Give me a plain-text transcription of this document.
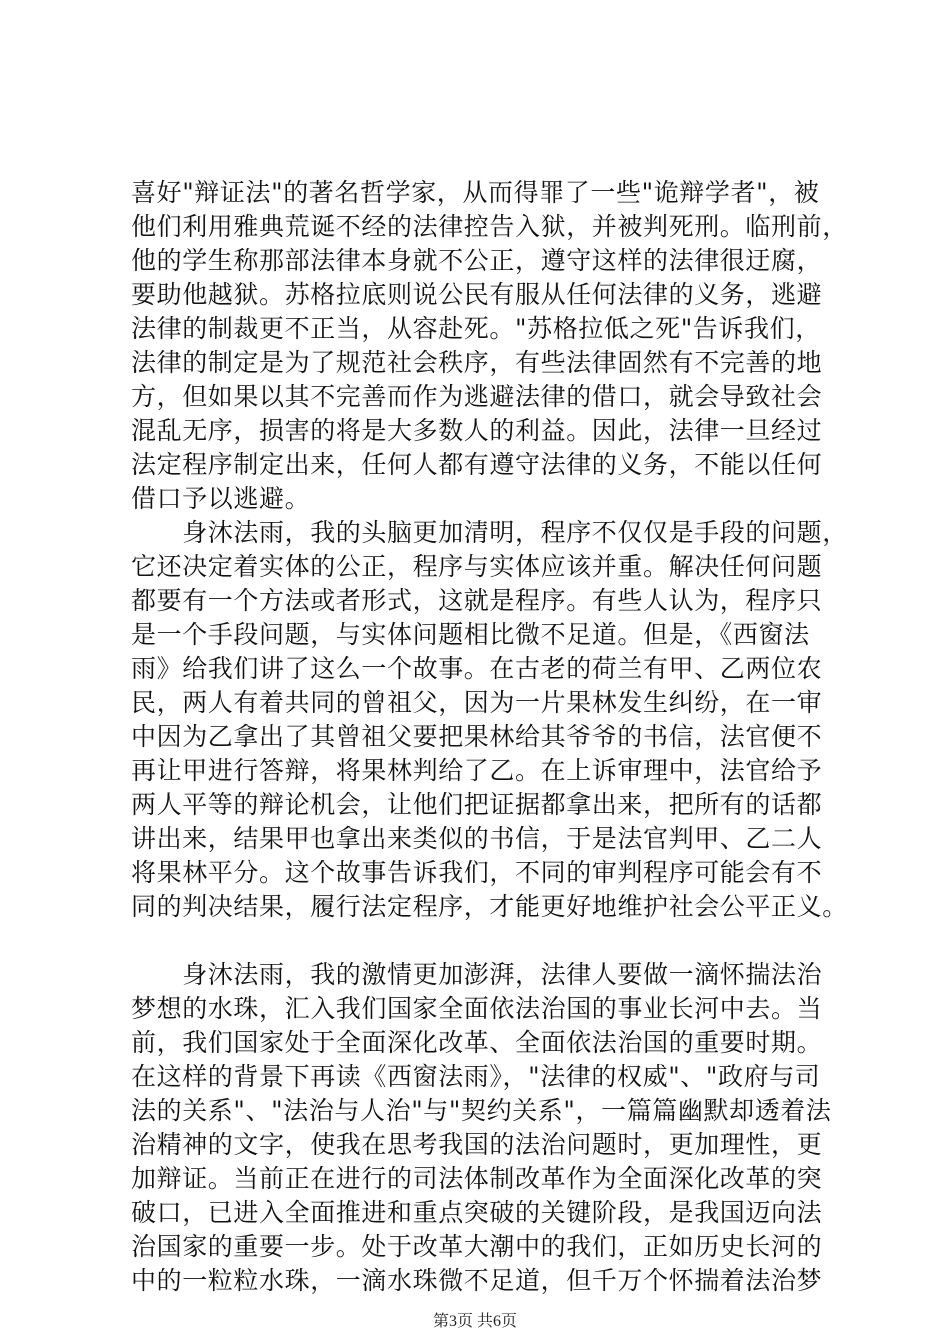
喜好"辩证法"的著名哲学家，从而得罪了一些"诡辩学者"，被
他们利用雅典荒诞不经的法律控告入狱，并被判死刑。临刑前，
他的学生称那部法律本身就不公正，遵守这样的法律很迂腐，
要助他越狱。苏格拉底则说公民有服从任何法律的义务，逃避
法律的制裁更不正当，从容赴死。"苏格拉低之死"告诉我们，
法律的制定是为了规范社会秩序，有些法律固然有不完善的地
方，但如果以其不完善而作为逃避法律的借口，就会导致社会
混乱无序，损害的将是大多数人的利益。因此，法律一旦经过
法定程序制定出来，任何人都有遵守法律的义务，不能以任何
借口予以逃避。
　　身沐法雨，我的头脑更加清明，程序不仅仅是手段的问题，
它还决定着实体的公正，程序与实体应该并重。解决任何问题
都要有一个方法或者形式，这就是程序。有些人认为，程序只
是一个手段问题，与实体问题相比微不足道。但是，《西窗法
雨》给我们讲了这么一个故事。在古老的荷兰有甲、乙两位农
民，两人有着共同的曾祖父，因为一片果林发生纠纷，在一审
中因为乙拿出了其曾祖父要把果林给其爷爷的书信，法官便不
再让甲进行答辩，将果林判给了乙。在上诉审理中，法官给予
两人平等的辩论机会，让他们把证据都拿出来，把所有的话都
讲出来，结果甲也拿出来类似的书信，于是法官判甲、乙二人
将果林平分。这个故事告诉我们，不同的审判程序可能会有不
同的判决结果，履行法定程序，才能更好地维护社会公平正义。
　　身沐法雨，我的激情更加澎湃，法律人要做一滴怀揣法治
梦想的水珠，汇入我们国家全面依法治国的事业长河中去。当
前，我们国家处于全面深化改革、全面依法治国的重要时期。
在这样的背景下再读《西窗法雨》，"法律的权威"、"政府与司
法的关系"、"法治与人治"与"契约关系"，一篇篇幽默却透着法
治精神的文字，使我在思考我国的法治问题时，更加理性，更
加辩证。当前正在进行的司法体制改革作为全面深化改革的突
破口，已进入全面推进和重点突破的关键阶段，是我国迈向法
治国家的重要一步。处于改革大潮中的我们，正如历史长河的
中的一粒粒水珠，一滴水珠微不足道，但千万个怀揣着法治梦
第3页 共6页
